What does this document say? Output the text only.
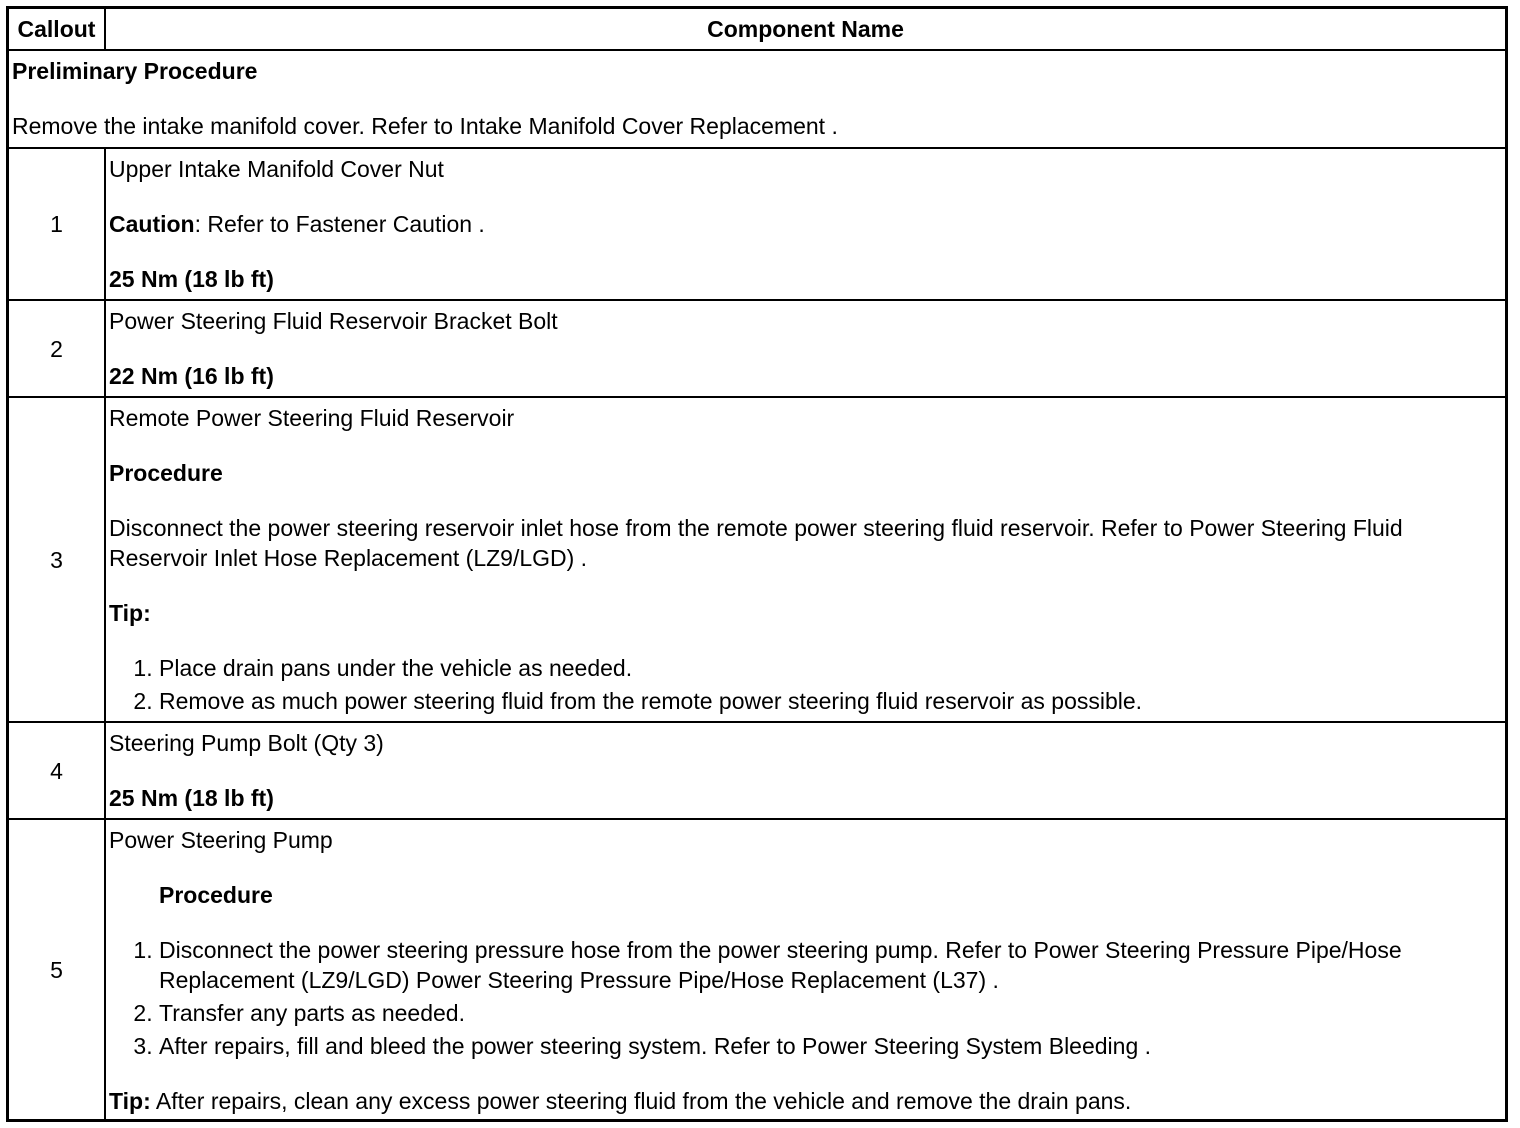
Callout	Component Name

Preliminary Procedure

Remove the intake manifold cover. Refer to Intake Manifold Cover Replacement .

1

Upper Intake Manifold Cover Nut

Caution: Refer to Fastener Caution .

25 Nm (18 lb ft)

2

Power Steering Fluid Reservoir Bracket Bolt

22 Nm (16 lb ft)

3

Remote Power Steering Fluid Reservoir

Procedure

Disconnect the power steering reservoir inlet hose from the remote power steering fluid reservoir. Refer to Power Steering Fluid Reservoir Inlet Hose Replacement (LZ9/LGD) .

Tip:

1. Place drain pans under the vehicle as needed.
2. Remove as much power steering fluid from the remote power steering fluid reservoir as possible.
4

Steering Pump Bolt (Qty 3)

25 Nm (18 lb ft)

5

Power Steering Pump

Procedure

1. Disconnect the power steering pressure hose from the power steering pump. Refer to Power Steering Pressure Pipe/Hose Replacement (LZ9/LGD) Power Steering Pressure Pipe/Hose Replacement (L37) .
2. Transfer any parts as needed.
3. After repairs, fill and bleed the power steering system. Refer to Power Steering System Bleeding .

Tip: After repairs, clean any excess power steering fluid from the vehicle and remove the drain pans.
